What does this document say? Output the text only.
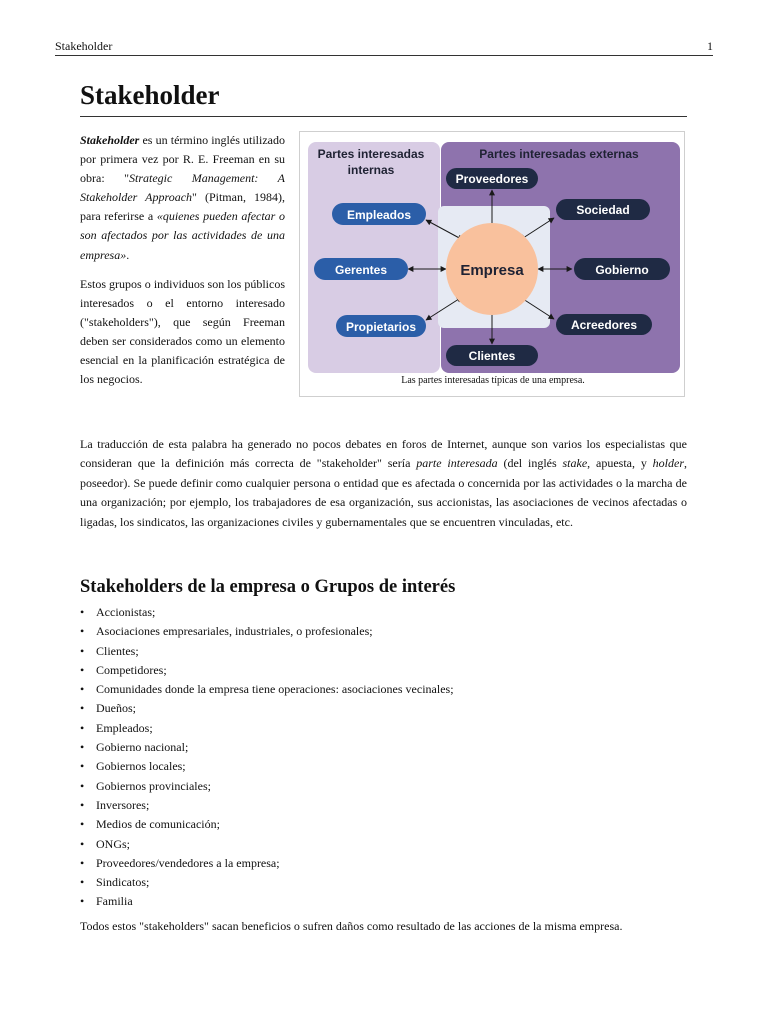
Stakeholder	1
Stakeholder

Stakeholder es un término inglés utilizado por primera vez por R. E. Freeman en su obra: "Strategic Management: A Stakeholder Approach" (Pitman, 1984), para referirse a «quienes pueden afectar o son afectados por las actividades de una empresa».

Estos grupos o individuos son los públicos interesados o el entorno interesado ("stakeholders"), que según Freeman deben ser considerados como un elemento esencial en la planificación estratégica de los negocios.

Partes interesadas
internas
Partes interesadas externas
Empresa
Empleados
Gerentes
Propietarios
Proveedores
Sociedad
Gobierno
Acreedores
Clientes
Las partes interesadas típicas de una empresa.

La traducción de esta palabra ha generado no pocos debates en foros de Internet, aunque son varios los especialistas que consideran que la definición más correcta de "stakeholder" sería parte interesada (del inglés stake, apuesta, y holder, poseedor). Se puede definir como cualquier persona o entidad que es afectada o concernida por las actividades o la marcha de una organización; por ejemplo, los trabajadores de esa organización, sus accionistas, las asociaciones de vecinos afectadas o ligadas, los sindicatos, las organizaciones civiles y gubernamentales que se encuentren vinculadas, etc.

Stakeholders de la empresa o Grupos de interés
• Accionistas;
• Asociaciones empresariales, industriales, o profesionales;
• Clientes;
• Competidores;
• Comunidades donde la empresa tiene operaciones: asociaciones vecinales;
• Dueños;
• Empleados;
• Gobierno nacional;
• Gobiernos locales;
• Gobiernos provinciales;
• Inversores;
• Medios de comunicación;
• ONGs;
• Proveedores/vendedores a la empresa;
• Sindicatos;
• Familia

Todos estos "stakeholders" sacan beneficios o sufren daños como resultado de las acciones de la misma empresa.
